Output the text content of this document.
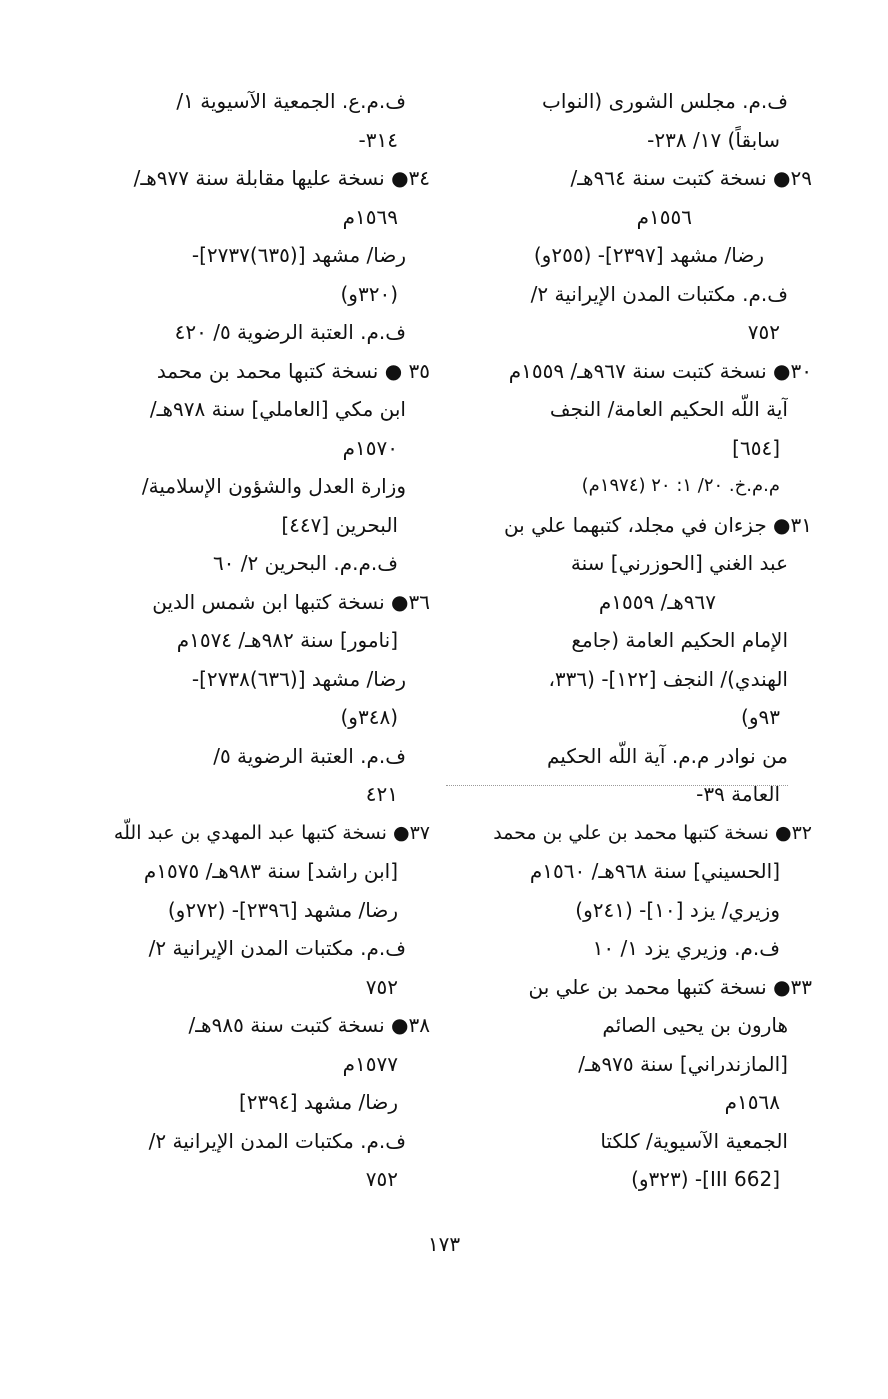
ف.م. مجلس الشورى (النواب
سابقاً) ١٧/ ٢٣٨-
٢٩● نسخة كتبت سنة ٩٦٤هـ/
١٥٥٦م
رضا/ مشهد [٢٣٩٧]- (٢٥٥و)
ف.م. مكتبات المدن الإيرانية ٢/
٧٥٢
٣٠● نسخة كتبت سنة ٩٦٧هـ/ ١٥٥٩م
آية اللّه الحكيم العامة/ النجف
[٦٥٤]
م.م.خ. ٢٠/ ١: ٢٠ (١٩٧٤م)
٣١● جزءان في مجلد، كتبهما علي بن
عبد الغني [الحوزرني] سنة
٩٦٧هـ/ ١٥٥٩م
الإمام الحكيم العامة (جامع
الهندي)/ النجف [١٢٢]- (٣٣٦،
٩٣و)
من نوادر م.م. آية اللّه الحكيم
العامة ٣٩-
٣٢● نسخة كتبها محمد بن علي بن محمد
[الحسيني] سنة ٩٦٨هـ/ ١٥٦٠م
وزيري/ يزد [١٠]- (٢٤١و)
ف.م. وزيري يزد ١/ ١٠
٣٣● نسخة كتبها محمد بن علي بن
هارون بن يحيى الصائم
[المازندراني] سنة ٩٧٥هـ/
١٥٦٨م
الجمعية الآسيوية/ كلكتا
[III 662]- (٣٢٣و)
ف.م.ع. الجمعية الآسيوية ١/
٣١٤-
٣٤● نسخة عليها مقابلة سنة ٩٧٧هـ/
١٥٦٩م
رضا/ مشهد [(٦٣٥)٢٧٣٧]-
(٣٢٠و)
ف.م. العتبة الرضوية ٥/ ٤٢٠
٣٥ ● نسخة كتبها محمد بن محمد
ابن مكي [العاملي] سنة ٩٧٨هـ/
١٥٧٠م
وزارة العدل والشؤون الإسلامية/
البحرين [٤٤٧]
ف.م.م. البحرين ٢/ ٦٠
٣٦● نسخة كتبها ابن شمس الدين
[نامور] سنة ٩٨٢هـ/ ١٥٧٤م
رضا/ مشهد [(٦٣٦)٢٧٣٨]-
(٣٤٨و)
ف.م. العتبة الرضوية ٥/
٤٢١
٣٧● نسخة كتبها عبد المهدي بن عبد اللّه
[ابن راشد] سنة ٩٨٣هـ/ ١٥٧٥م
رضا/ مشهد [٢٣٩٦]- (٢٧٢و)
ف.م. مكتبات المدن الإيرانية ٢/
٧٥٢
٣٨● نسخة كتبت سنة ٩٨٥هـ/
١٥٧٧م
رضا/ مشهد [٢٣٩٤]
ف.م. مكتبات المدن الإيرانية ٢/
٧٥٢
١٧٣
